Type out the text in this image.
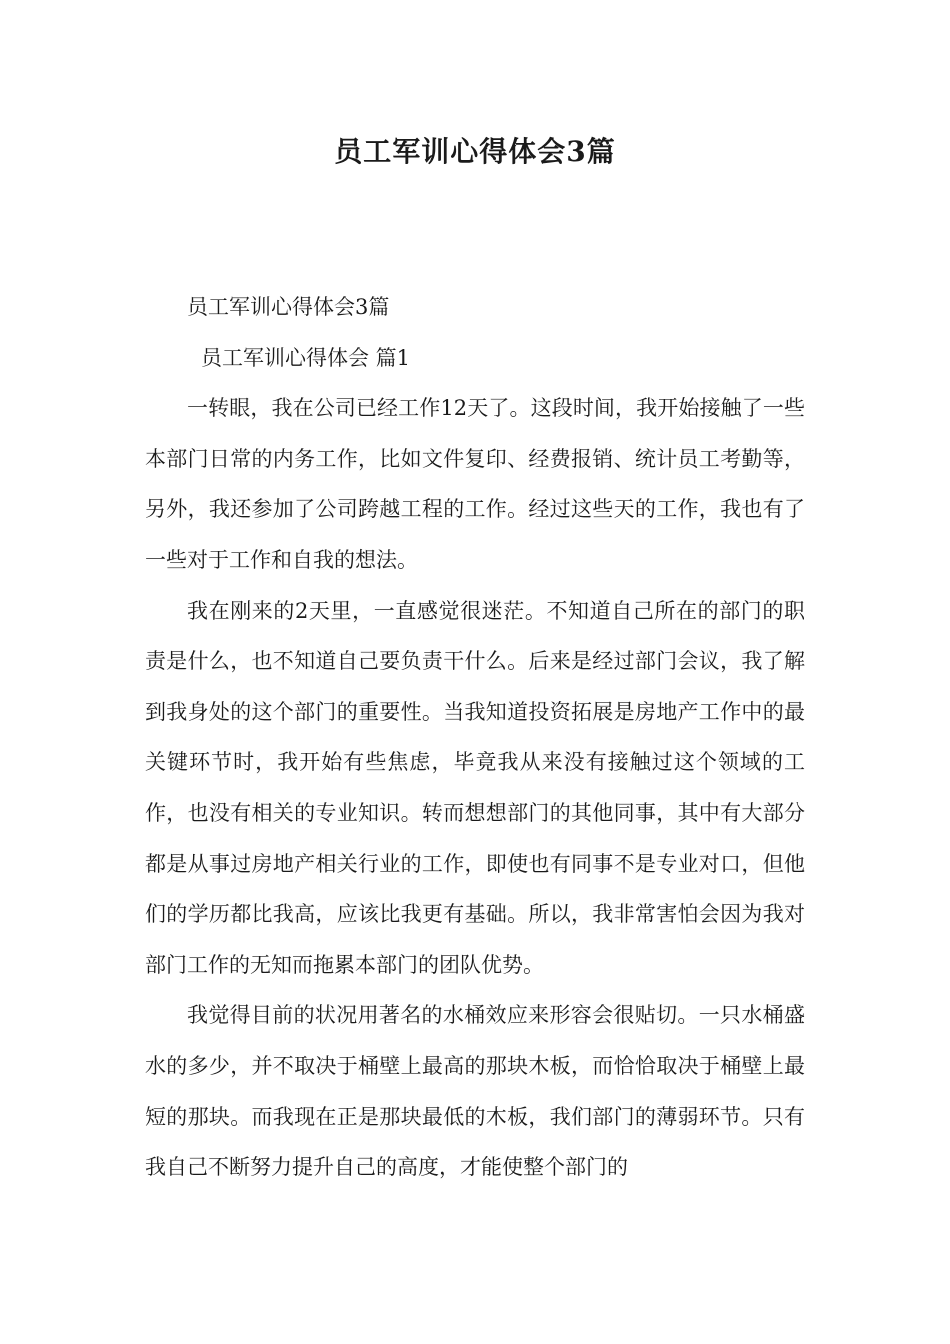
员工军训心得体会3篇

员工军训心得体会3篇

员工军训心得体会 篇1

一转眼，我在公司已经工作12天了。这段时间，我开始接触了一些本部门日常的内务工作，比如文件复印、经费报销、统计员工考勤等，另外，我还参加了公司跨越工程的工作。经过这些天的工作，我也有了一些对于工作和自我的想法。

我在刚来的2天里，一直感觉很迷茫。不知道自己所在的部门的职责是什么，也不知道自己要负责干什么。后来是经过部门会议，我了解到我身处的这个部门的重要性。当我知道投资拓展是房地产工作中的最关键环节时，我开始有些焦虑，毕竟我从来没有接触过这个领域的工作，也没有相关的专业知识。转而想想部门的其他同事，其中有大部分都是从事过房地产相关行业的工作，即使也有同事不是专业对口，但他们的学历都比我高，应该比我更有基础。所以，我非常害怕会因为我对部门工作的无知而拖累本部门的团队优势。

我觉得目前的状况用著名的水桶效应来形容会很贴切。一只水桶盛水的多少，并不取决于桶壁上最高的那块木板，而恰恰取决于桶壁上最短的那块。而我现在正是那块最低的木板，我们部门的薄弱环节。只有我自己不断努力提升自己的高度，才能使整个部门的
